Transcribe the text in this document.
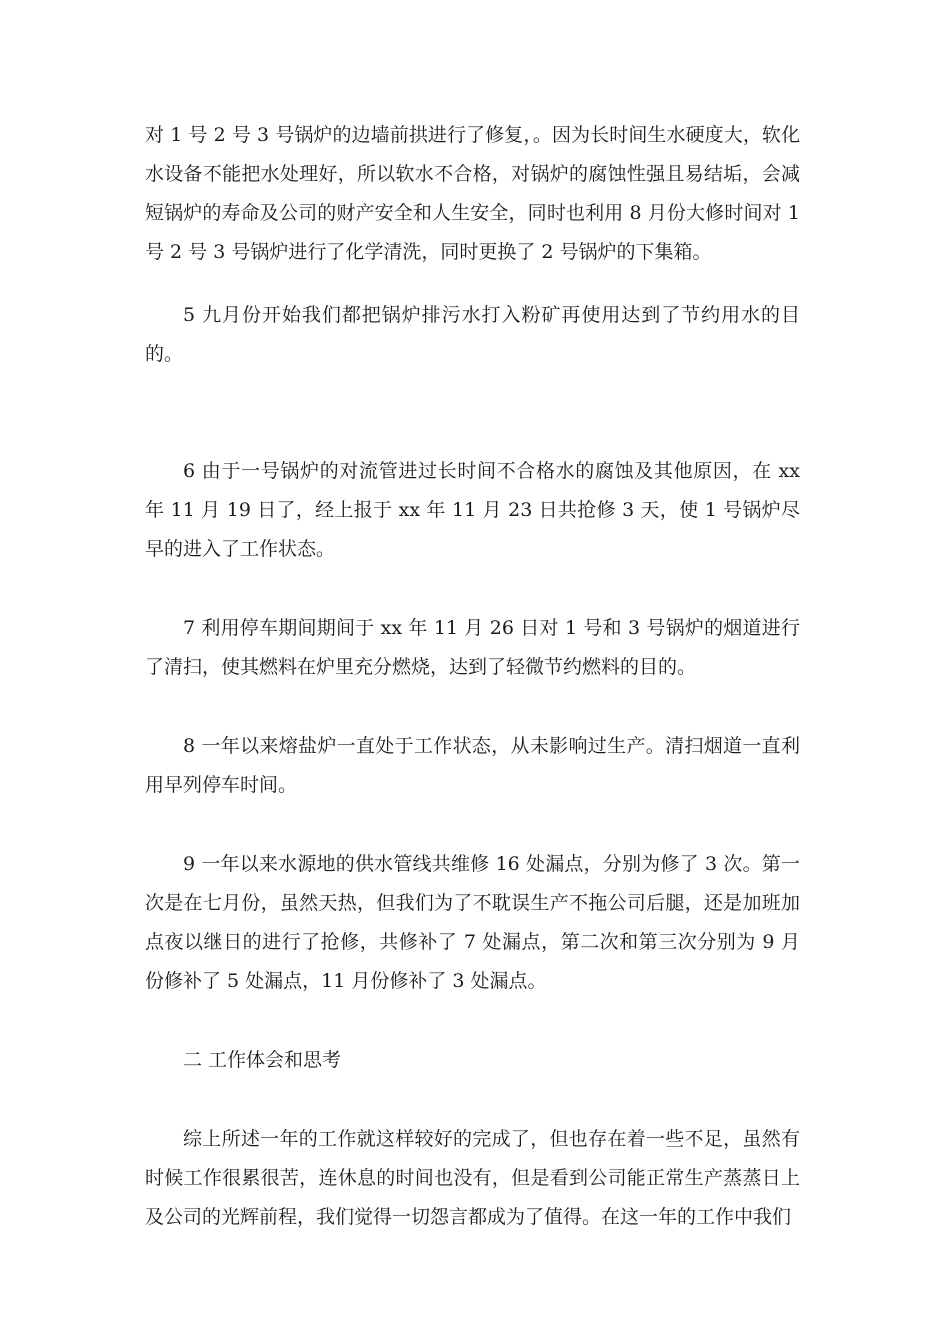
对 1 号 2 号 3 号锅炉的边墙前拱进行了修复，。因为长时间生水硬度大，软化水设备不能把水处理好，所以软水不合格，对锅炉的腐蚀性强且易结垢，会减短锅炉的寿命及公司的财产安全和人生安全，同时也利用 8 月份大修时间对 1 号 2 号 3 号锅炉进行了化学清洗，同时更换了 2 号锅炉的下集箱。

5 九月份开始我们都把锅炉排污水打入粉矿再使用达到了节约用水的目的。

6 由于一号锅炉的对流管进过长时间不合格水的腐蚀及其他原因，在 xx 年 11 月 19 日了，经上报于 xx 年 11 月 23 日共抢修 3 天，使 1 号锅炉尽早的进入了工作状态。

7 利用停车期间期间于 xx 年 11 月 26 日对 1 号和 3 号锅炉的烟道进行了清扫，使其燃料在炉里充分燃烧，达到了轻微节约燃料的目的。

8 一年以来熔盐炉一直处于工作状态，从未影响过生产。清扫烟道一直利用早列停车时间。

9 一年以来水源地的供水管线共维修 16 处漏点，分别为修了 3 次。第一次是在七月份，虽然天热，但我们为了不耽误生产不拖公司后腿，还是加班加点夜以继日的进行了抢修，共修补了 7 处漏点，第二次和第三次分别为 9 月份修补了 5 处漏点，11 月份修补了 3 处漏点。

二 工作体会和思考

综上所述一年的工作就这样较好的完成了，但也存在着一些不足，虽然有时候工作很累很苦，连休息的时间也没有，但是看到公司能正常生产蒸蒸日上及公司的光辉前程，我们觉得一切怨言都成为了值得。在这一年的工作中我们
